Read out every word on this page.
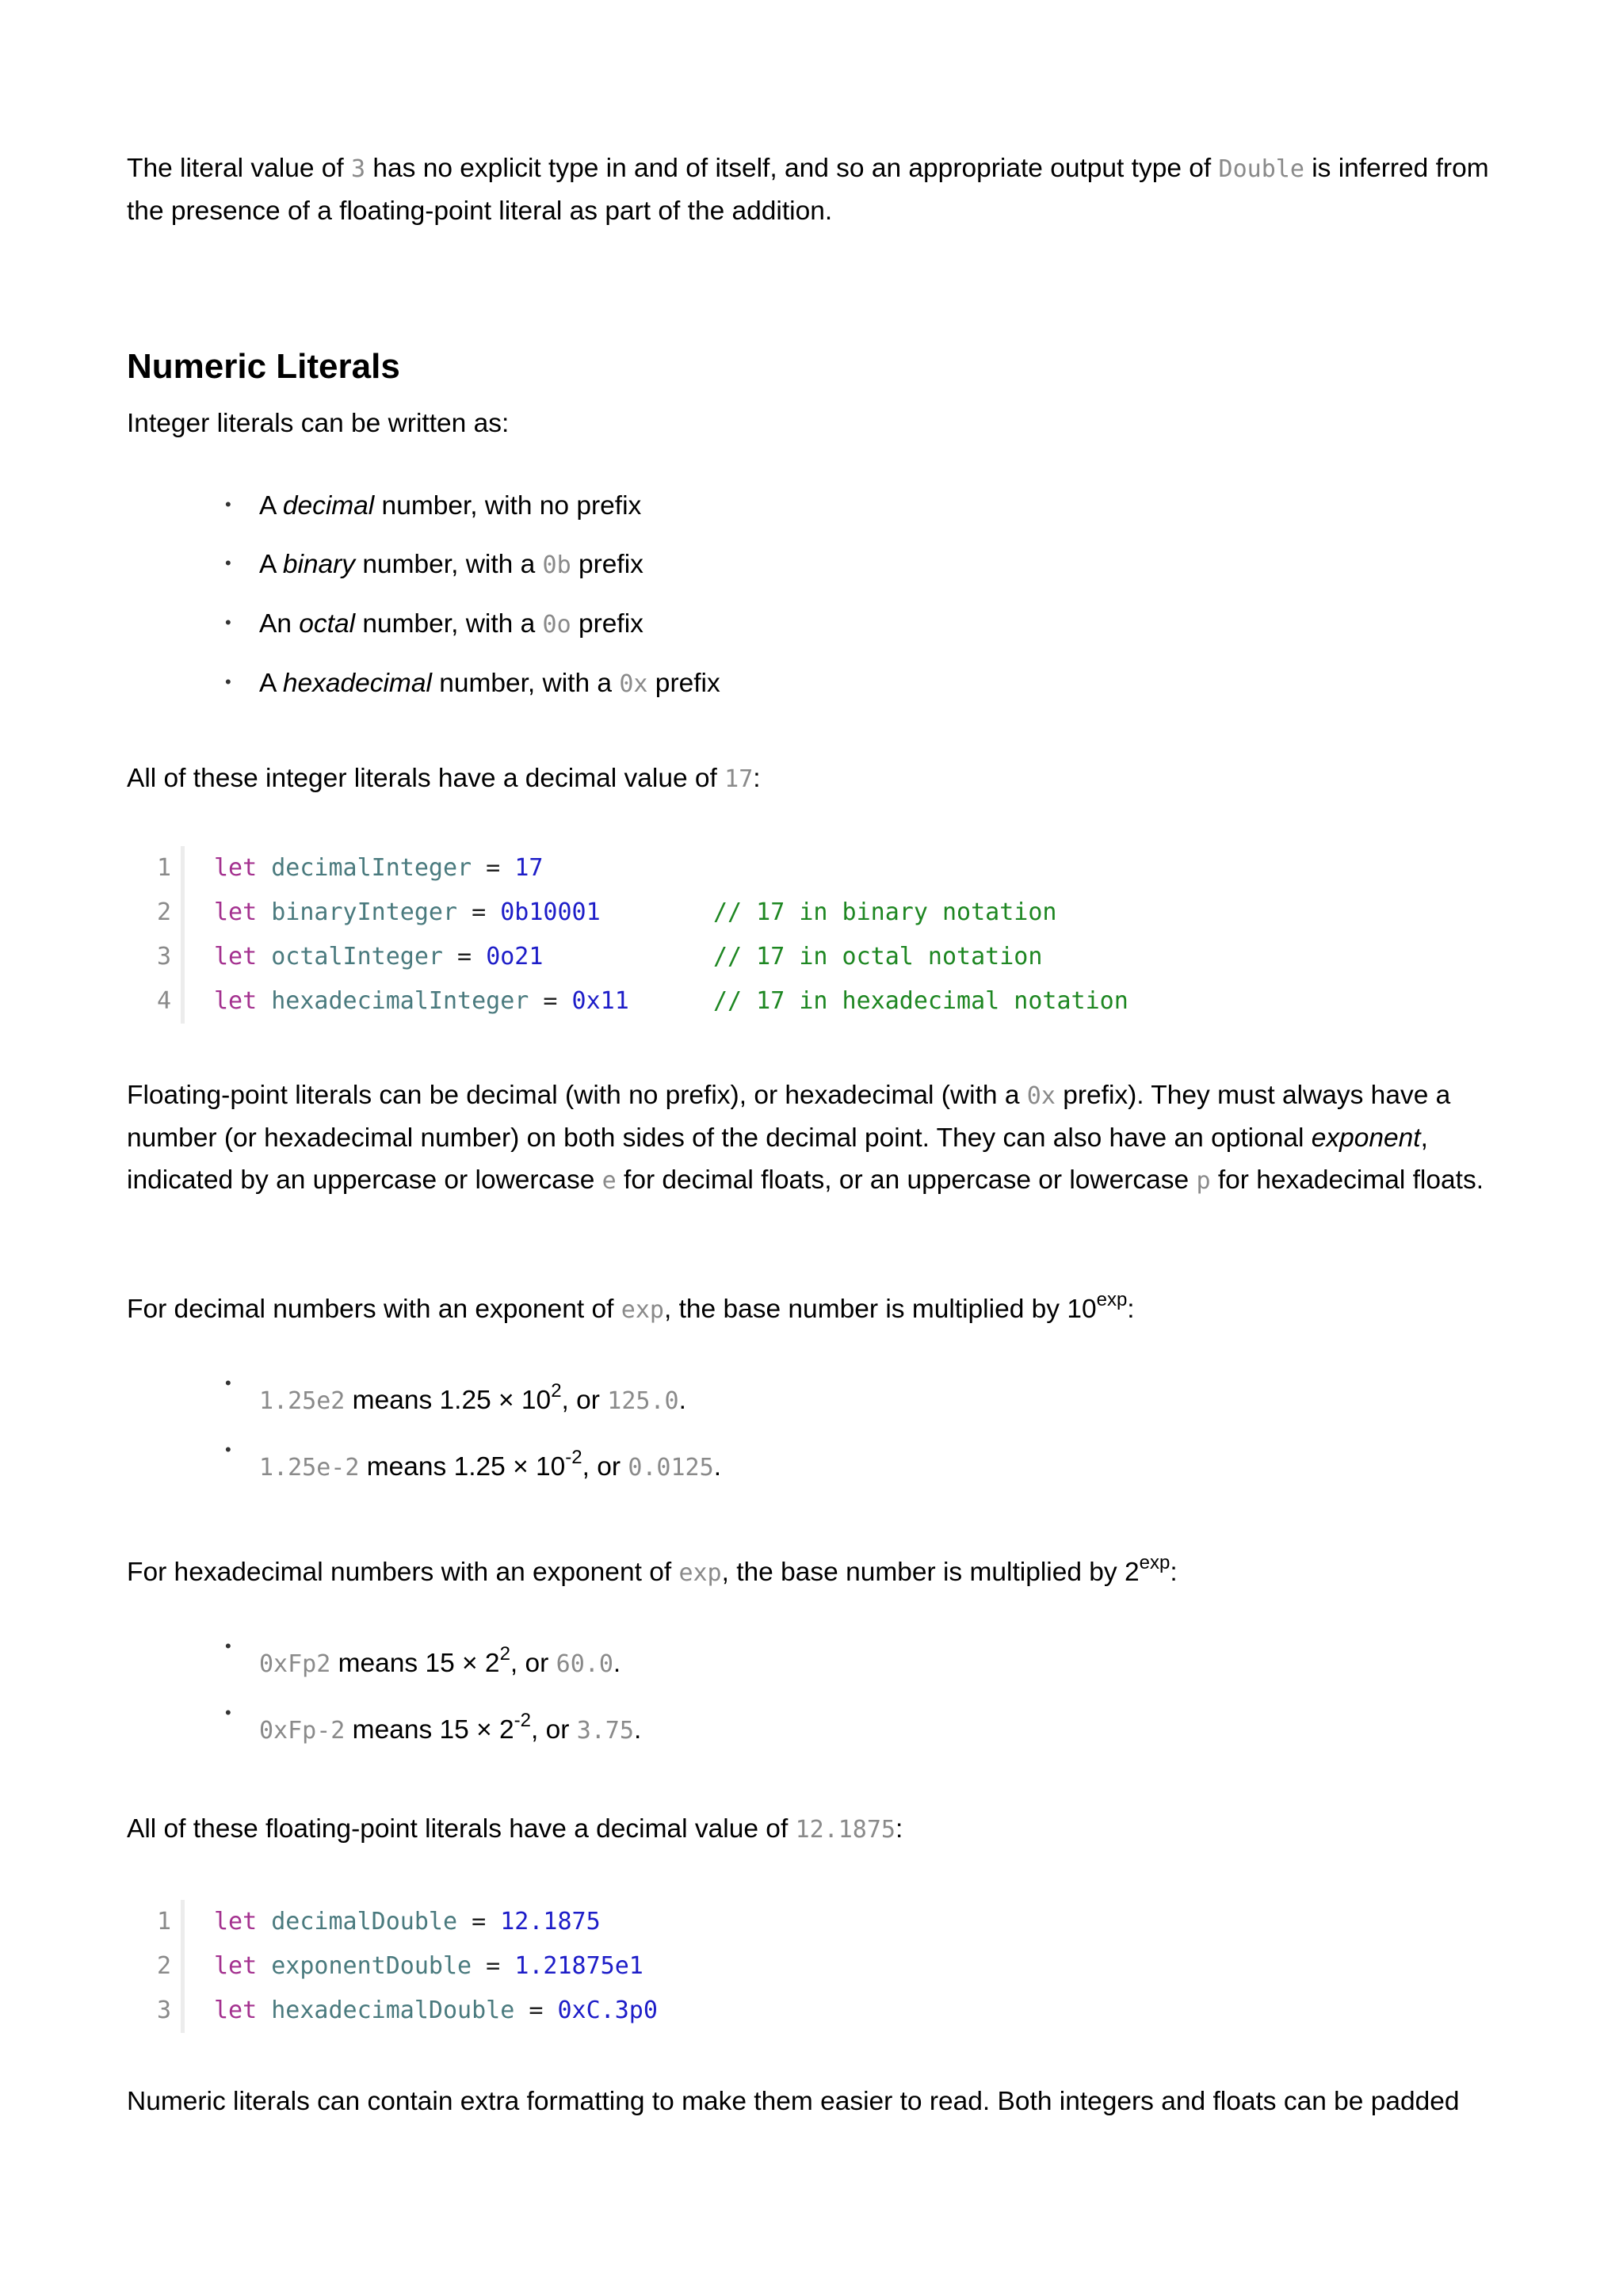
The literal value of 3 has no explicit type in and of itself, and so an appropriate output type of Double is inferred from the presence of a floating-point literal as part of the addition.

Numeric Literals

Integer literals can be written as:

• A decimal number, with no prefix
• A binary number, with a 0b prefix
• An octal number, with a 0o prefix
• A hexadecimal number, with a 0x prefix

All of these integer literals have a decimal value of 17:

1 let decimalInteger = 17
2 let binaryInteger = 0b10001	// 17 in binary notation
3 let octalInteger = 0o21	// 17 in octal notation
4 let hexadecimalInteger = 0x11	// 17 in hexadecimal notation

Floating-point literals can be decimal (with no prefix), or hexadecimal (with a 0x prefix). They must always have a number (or hexadecimal number) on both sides of the decimal point. They can also have an optional exponent, indicated by an uppercase or lowercase e for decimal floats, or an uppercase or lowercase p for hexadecimal floats.

For decimal numbers with an exponent of exp, the base number is multiplied by $10^{exp}$:

• 1.25e2 means $1.25 \times 10^2$, or 125.0.
• 1.25e-2 means $1.25 \times 10^{-2}$, or 0.0125.

For hexadecimal numbers with an exponent of exp, the base number is multiplied by $2^{exp}$:

• 0xFp2 means $15 \times 2^2$, or 60.0.
• 0xFp-2 means $15 \times 2^{-2}$, or 3.75.

All of these floating-point literals have a decimal value of 12.1875:

1 let decimalDouble = 12.1875
2 let exponentDouble = 1.21875e1
3 let hexadecimalDouble = 0xC.3p0

Numeric literals can contain extra formatting to make them easier to read. Both integers and floats can be padded
